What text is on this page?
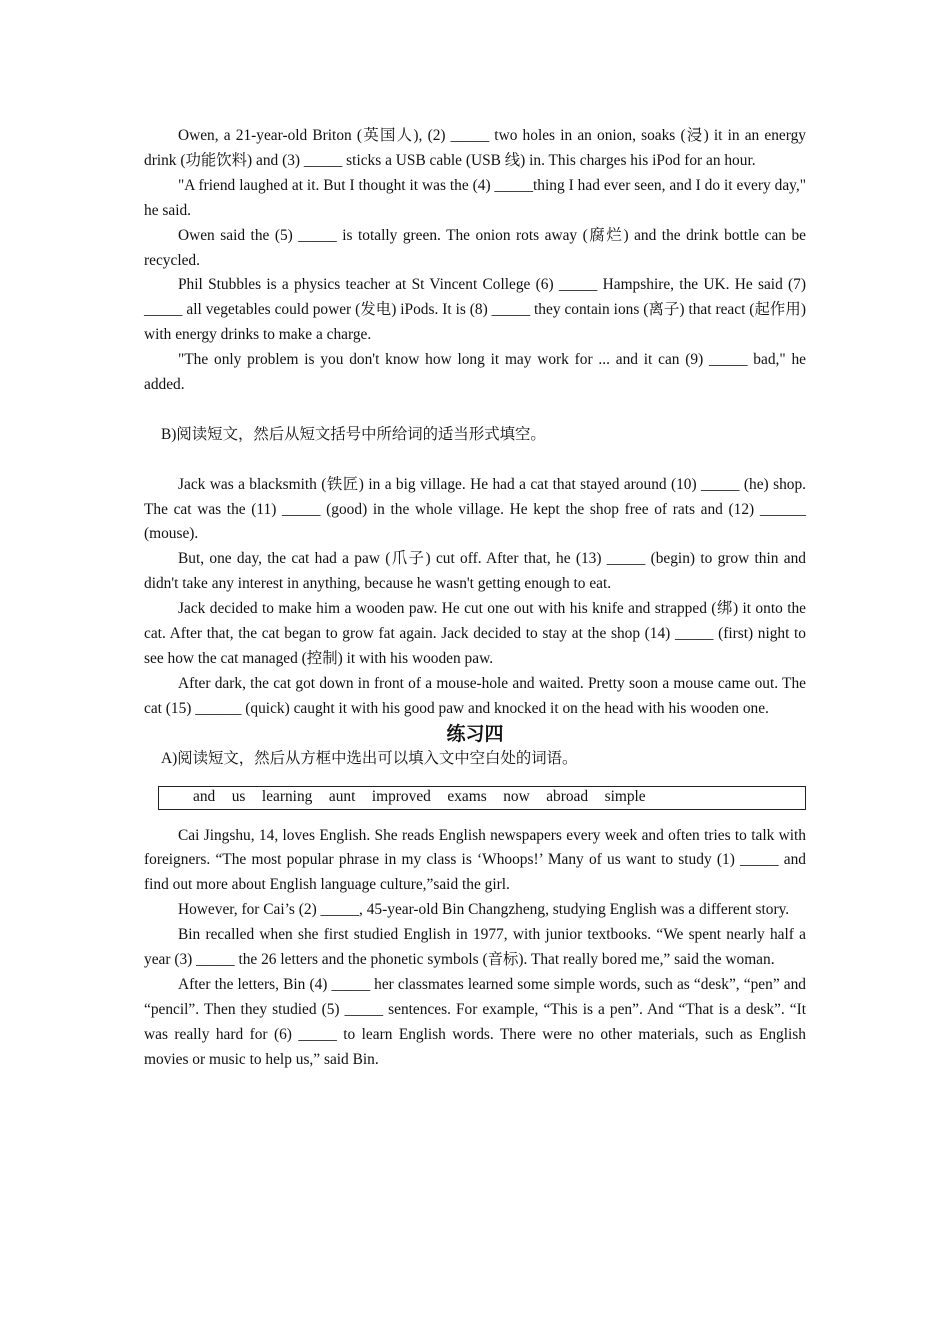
Owen, a 21-year-old Briton (英国人), (2) _____ two holes in an onion, soaks (浸) it in an energy drink (功能饮料) and (3) _____ sticks a USB cable (USB 线) in. This charges his iPod for an hour.

"A friend laughed at it. But I thought it was the (4) _____thing I had ever seen, and I do it every day," he said.

Owen said the (5) _____ is totally green. The onion rots away (腐烂) and the drink bottle can be recycled.

Phil Stubbles is a physics teacher at St Vincent College (6) _____ Hampshire, the UK. He said (7) _____ all vegetables could power (发电) iPods. It is (8) _____ they contain ions (离子) that react (起作用) with energy drinks to make a charge.

"The only problem is you don't know how long it may work for ... and it can (9) _____ bad," he added.

B)阅读短文，然后从短文括号中所给词的适当形式填空。

Jack was a blacksmith (铁匠) in a big village. He had a cat that stayed around (10) _____ (he) shop. The cat was the (11) _____ (good) in the whole village. He kept the shop free of rats and (12) ______ (mouse).

But, one day, the cat had a paw (爪子) cut off. After that, he (13) _____ (begin) to grow thin and didn't take any interest in anything, because he wasn't getting enough to eat.

Jack decided to make him a wooden paw. He cut one out with his knife and strapped (绑) it onto the cat. After that, the cat began to grow fat again. Jack decided to stay at the shop (14) _____ (first) night to see how the cat managed (控制) it with his wooden paw.

After dark, the cat got down in front of a mouse-hole and waited. Pretty soon a mouse came out. The cat (15) ______ (quick) caught it with his good paw and knocked it on the head with his wooden one.

练习四

A)阅读短文，然后从方框中选出可以填入文中空白处的词语。

and us learning aunt improved exams now abroad simple

Cai Jingshu, 14, loves English. She reads English newspapers every week and often tries to talk with foreigners. “The most popular phrase in my class is ‘Whoops!’ Many of us want to study (1) _____ and find out more about English language culture,”said the girl.

However, for Cai’s (2) _____, 45-year-old Bin Changzheng, studying English was a different story.

Bin recalled when she first studied English in 1977, with junior textbooks. “We spent nearly half a year (3) _____ the 26 letters and the phonetic symbols (音标). That really bored me,” said the woman.

After the letters, Bin (4) _____ her classmates learned some simple words, such as “desk”, “pen” and “pencil”. Then they studied (5) _____ sentences. For example, “This is a pen”. And “That is a desk”. “It was really hard for (6) _____ to learn English words. There were no other materials, such as English movies or music to help us,” said Bin.
